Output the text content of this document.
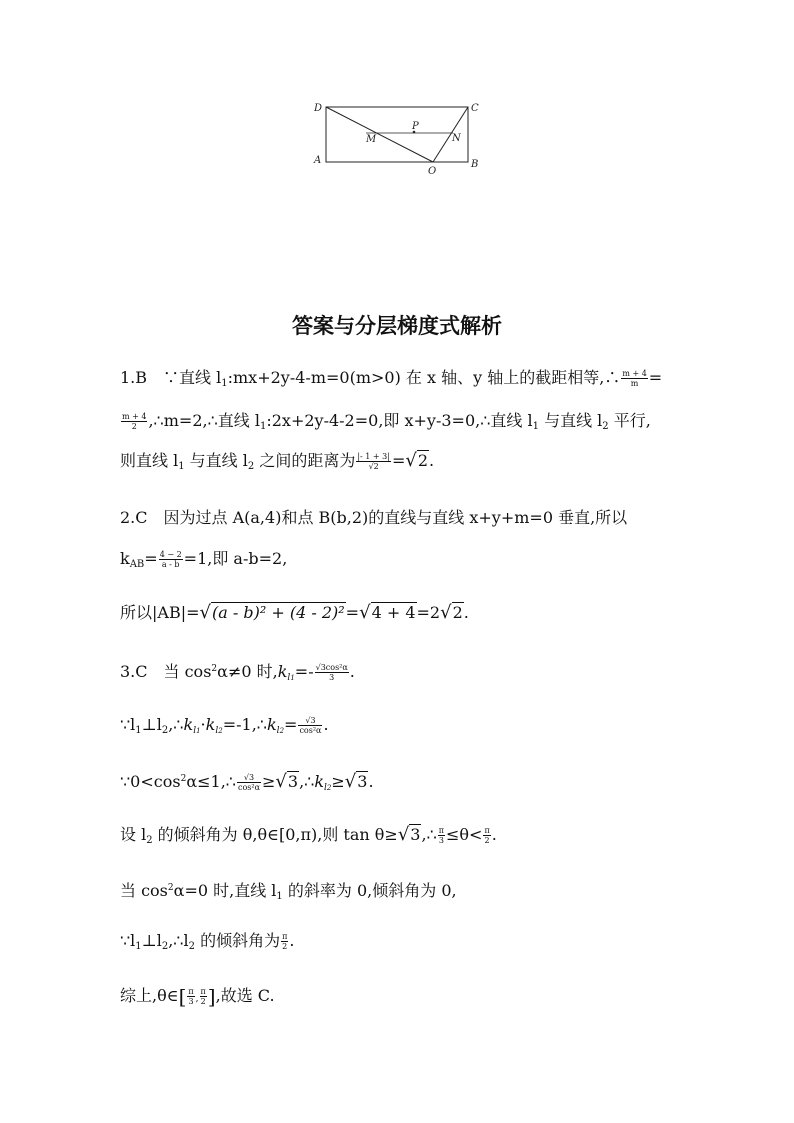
D	C
A	B
M
P
N
O
答案与分层梯度式解析
1.B　∵直线 $l_1:mx+2y-4-m=0(m>0)$ 在 x 轴、y 轴上的截距相等,∴ $\frac{m + 4}{m}$ =
$\frac{m + 4}{2}$ ,∴m=2,∴直线 $l_1:2x+2y-4-2=0$,即 x+y-3=0,∴直线 $l_1$ 与直线 $l_2$ 平行,
则直线 $l_1$ 与直线 $l_2$ 之间的距离为 $\frac{|- 1 + 3|}{√2} =√2$.
2.C　因为过点 A(a,4)和点 B(b,2)的直线与直线 x+y+m=0 垂直,所以
$k_{AB}= \frac{4 - 2}{a - b} =1$,即 a-b=2,
所以|AB|=√(a - b)² + (4 - 2)²=√4 + 4=2√2.
3.C　当 $\cos^2\alpha\ne 0$ 时$,kl1=- \frac{\text{√3cos²α}}{3}$ .
$\because l_1\perp l_2,\therefore kl1\cdot kl2=-1,\therefore kl2= \frac{√3}{\text{cos²α}}$ .
$\because 0<\cos^2\alpha\le 1,\therefore \frac{√3}{\text{cos²α}}$ ≥√3,∴kl2≥√3.
设 $l_2$ 的倾斜角为 θ,θ∈[0,π),则 tan θ≥√3,∴ $\frac{\pi}{3} \le\theta< \frac{\pi}{2}$ .
当 $\cos^2\alpha=0$ 时,直线 $l_1$ 的斜率为 0,倾斜角为 0,
$\because l_1\perp l_2,\therefore l_2$ 的倾斜角为 $\frac{\pi}{2}$ .
综上,θ∈[ $\frac{\pi}{3}$ , $\frac{\pi}{2}$ ],故选 C.
